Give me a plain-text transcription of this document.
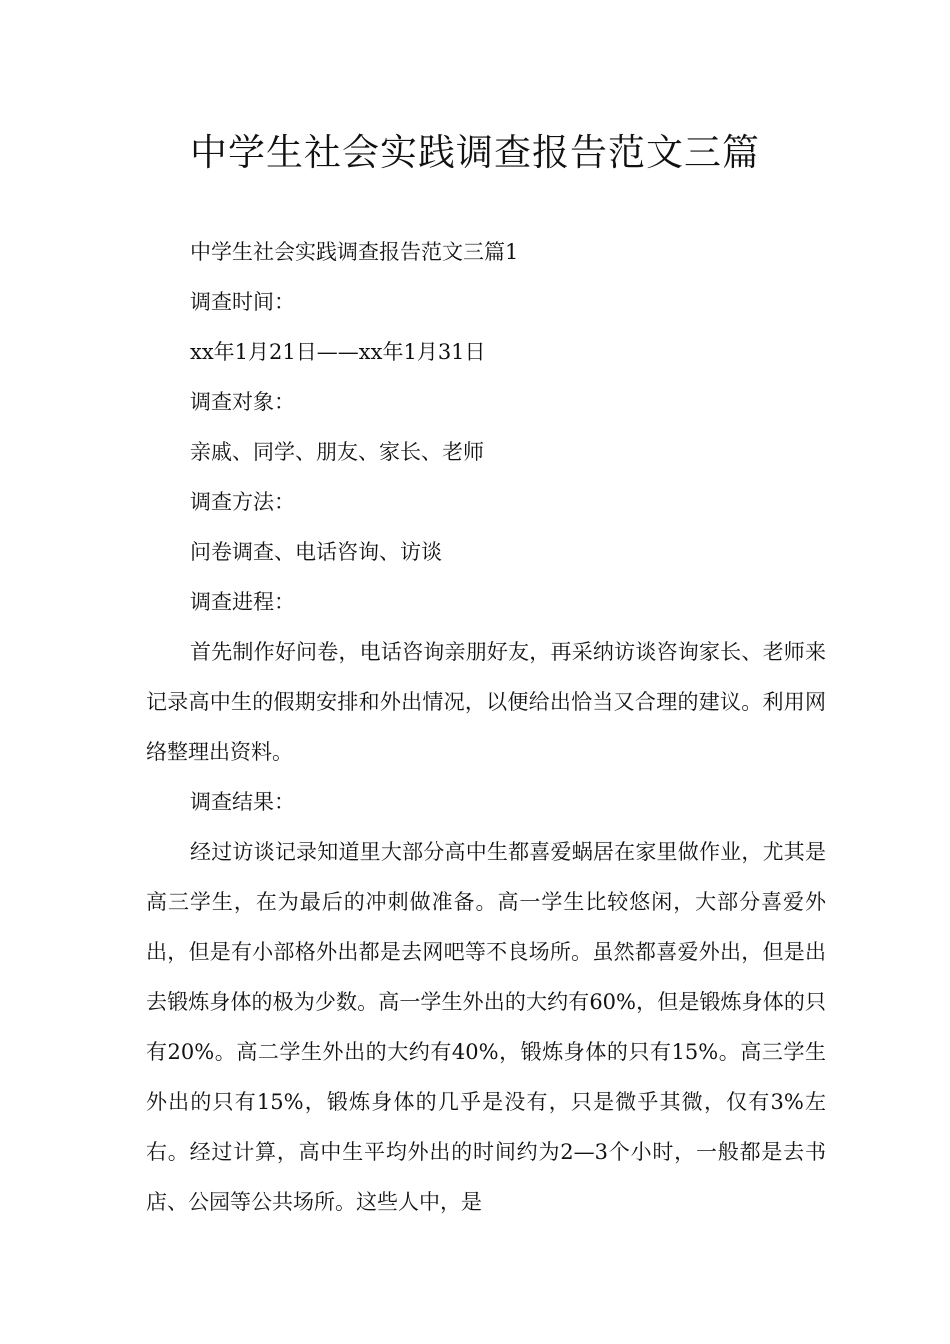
中学生社会实践调查报告范文三篇

中学生社会实践调查报告范文三篇1

调查时间：

xx年1月21日——xx年1月31日

调查对象：

亲戚、同学、朋友、家长、老师

调查方法：

问卷调查、电话咨询、访谈

调查进程：

首先制作好问卷，电话咨询亲朋好友，再采纳访谈咨询家长、老师来记录高中生的假期安排和外出情况，以便给出恰当又合理的建议。利用网络整理出资料。

调查结果：

经过访谈记录知道里大部分高中生都喜爱蜗居在家里做作业，尤其是高三学生，在为最后的冲刺做准备。高一学生比较悠闲，大部分喜爱外出，但是有小部格外出都是去网吧等不良场所。虽然都喜爱外出，但是出去锻炼身体的极为少数。高一学生外出的大约有60%，但是锻炼身体的只有20%。高二学生外出的大约有40%，锻炼身体的只有15%。高三学生外出的只有15%，锻炼身体的几乎是没有，只是微乎其微，仅有3%左右。经过计算，高中生平均外出的时间约为2—3个小时，一般都是去书店、公园等公共场所。这些人中，是
